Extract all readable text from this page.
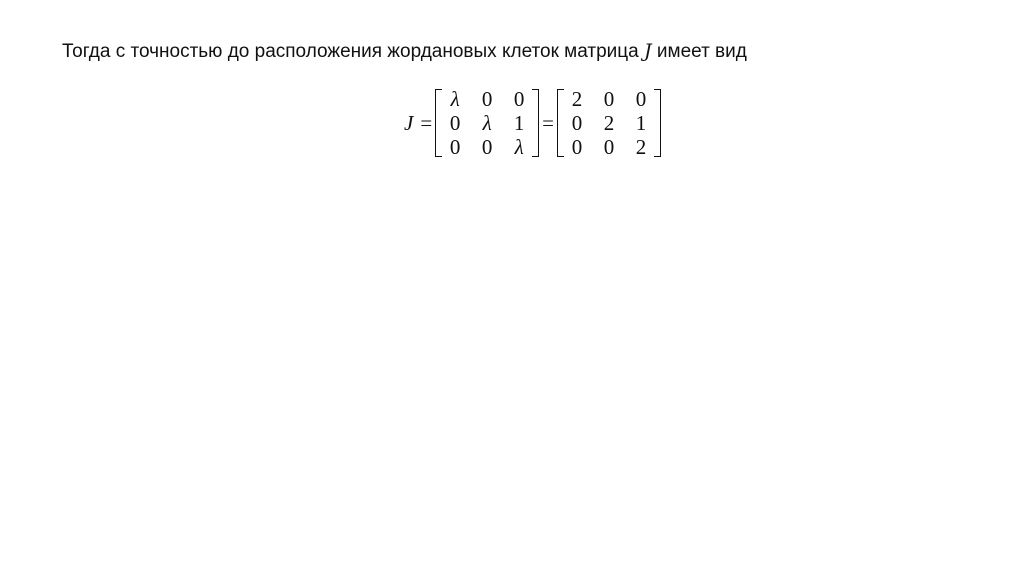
Тогда с точностью до расположения жордановых клеток матрица J имеет вид
J =
λ	0	0
0	λ	1
0	0	λ
=
2	0	0
0	2	1
0	0	2
